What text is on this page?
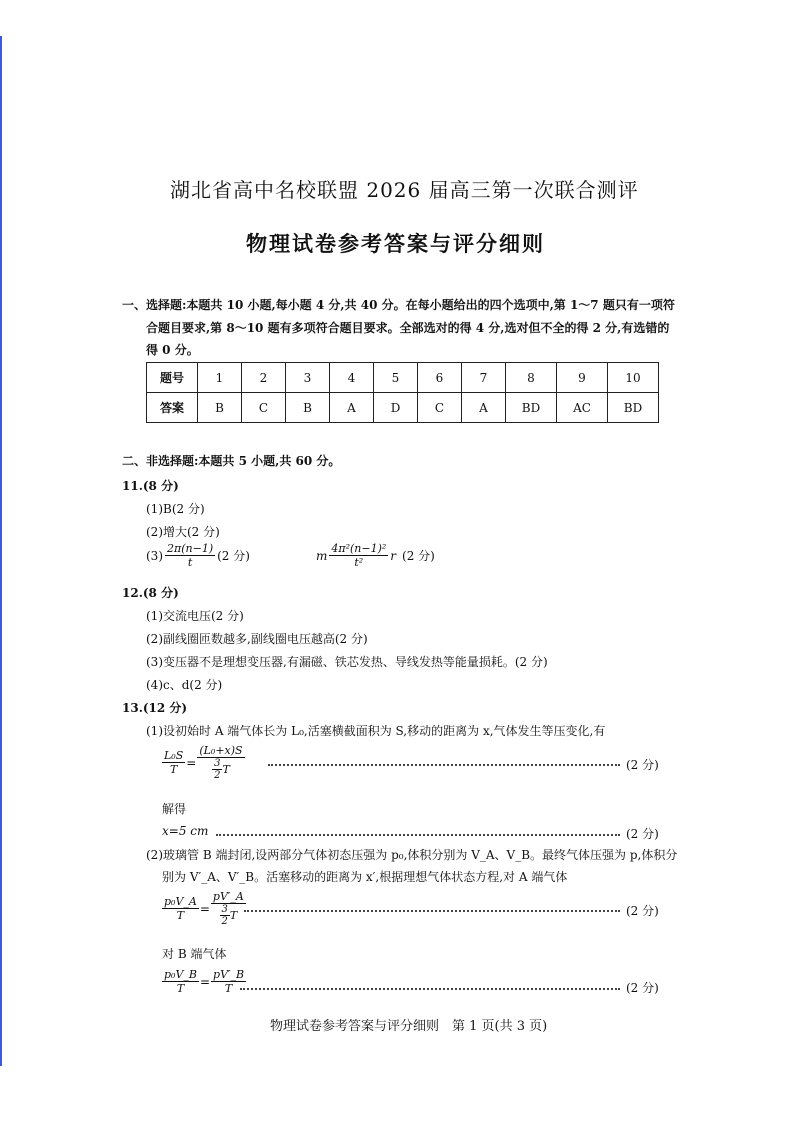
湖北省高中名校联盟 2026 届高三第一次联合测评
物理试卷参考答案与评分细则
一、选择题:本题共 10 小题,每小题 4 分,共 40 分。在每小题给出的四个选项中,第 1～7 题只有一项符
合题目要求,第 8～10 题有多项符合题目要求。全部选对的得 4 分,选对但不全的得 2 分,有选错的
得 0 分。
题号	1	2	3	4	5	6	7	8	9	10
答案	B	C	B	A	D	C	A	BD	AC	BD
二、非选择题:本题共 5 小题,共 60 分。
11.(8 分)
(1)B(2 分)
(2)增大(2 分)
$(3) \frac{2\pi(n-1)}{t} (2$ 分)	m $\frac{\text{4π²(n−1)²}}{\text{t²}}$ r (2 分)
12.(8 分)
(1)交流电压(2 分)
(2)副线圈匝数越多,副线圈电压越高(2 分)
(3)变压器不是理想变压器,有漏磁、铁芯发热、导线发热等能量损耗。(2 分)
(4)c、d(2 分)
13.(12 分)
(1)设初始时 A 端气体长为 L₀,活塞横截面积为 S,移动的距离为 x,气体发生等压变化,有
$\frac{\text{L₀S}}{T} = \frac{\text{(L₀+x)S}}{\frac{3}{2} T}$	(2 分)
解得
x=5 cm	(2 分)
(2)玻璃管 B 端封闭,设两部分气体初态压强为 p₀,体积分别为 V_A、V_B。最终气体压强为 p,体积分
别为 V′_A、V′_B。活塞移动的距离为 x′,根据理想气体状态方程,对 A 端气体
$\frac{\text{p₀V\_A}}{T} = \frac{pV'\_A}{\frac{3}{2} T}$	(2 分)
对 B 端气体
$\frac{\text{p₀V\_B}}{T} = \frac{pV'\_B}{T}$	(2 分)
物理试卷参考答案与评分细则　第 1 页(共 3 页)
